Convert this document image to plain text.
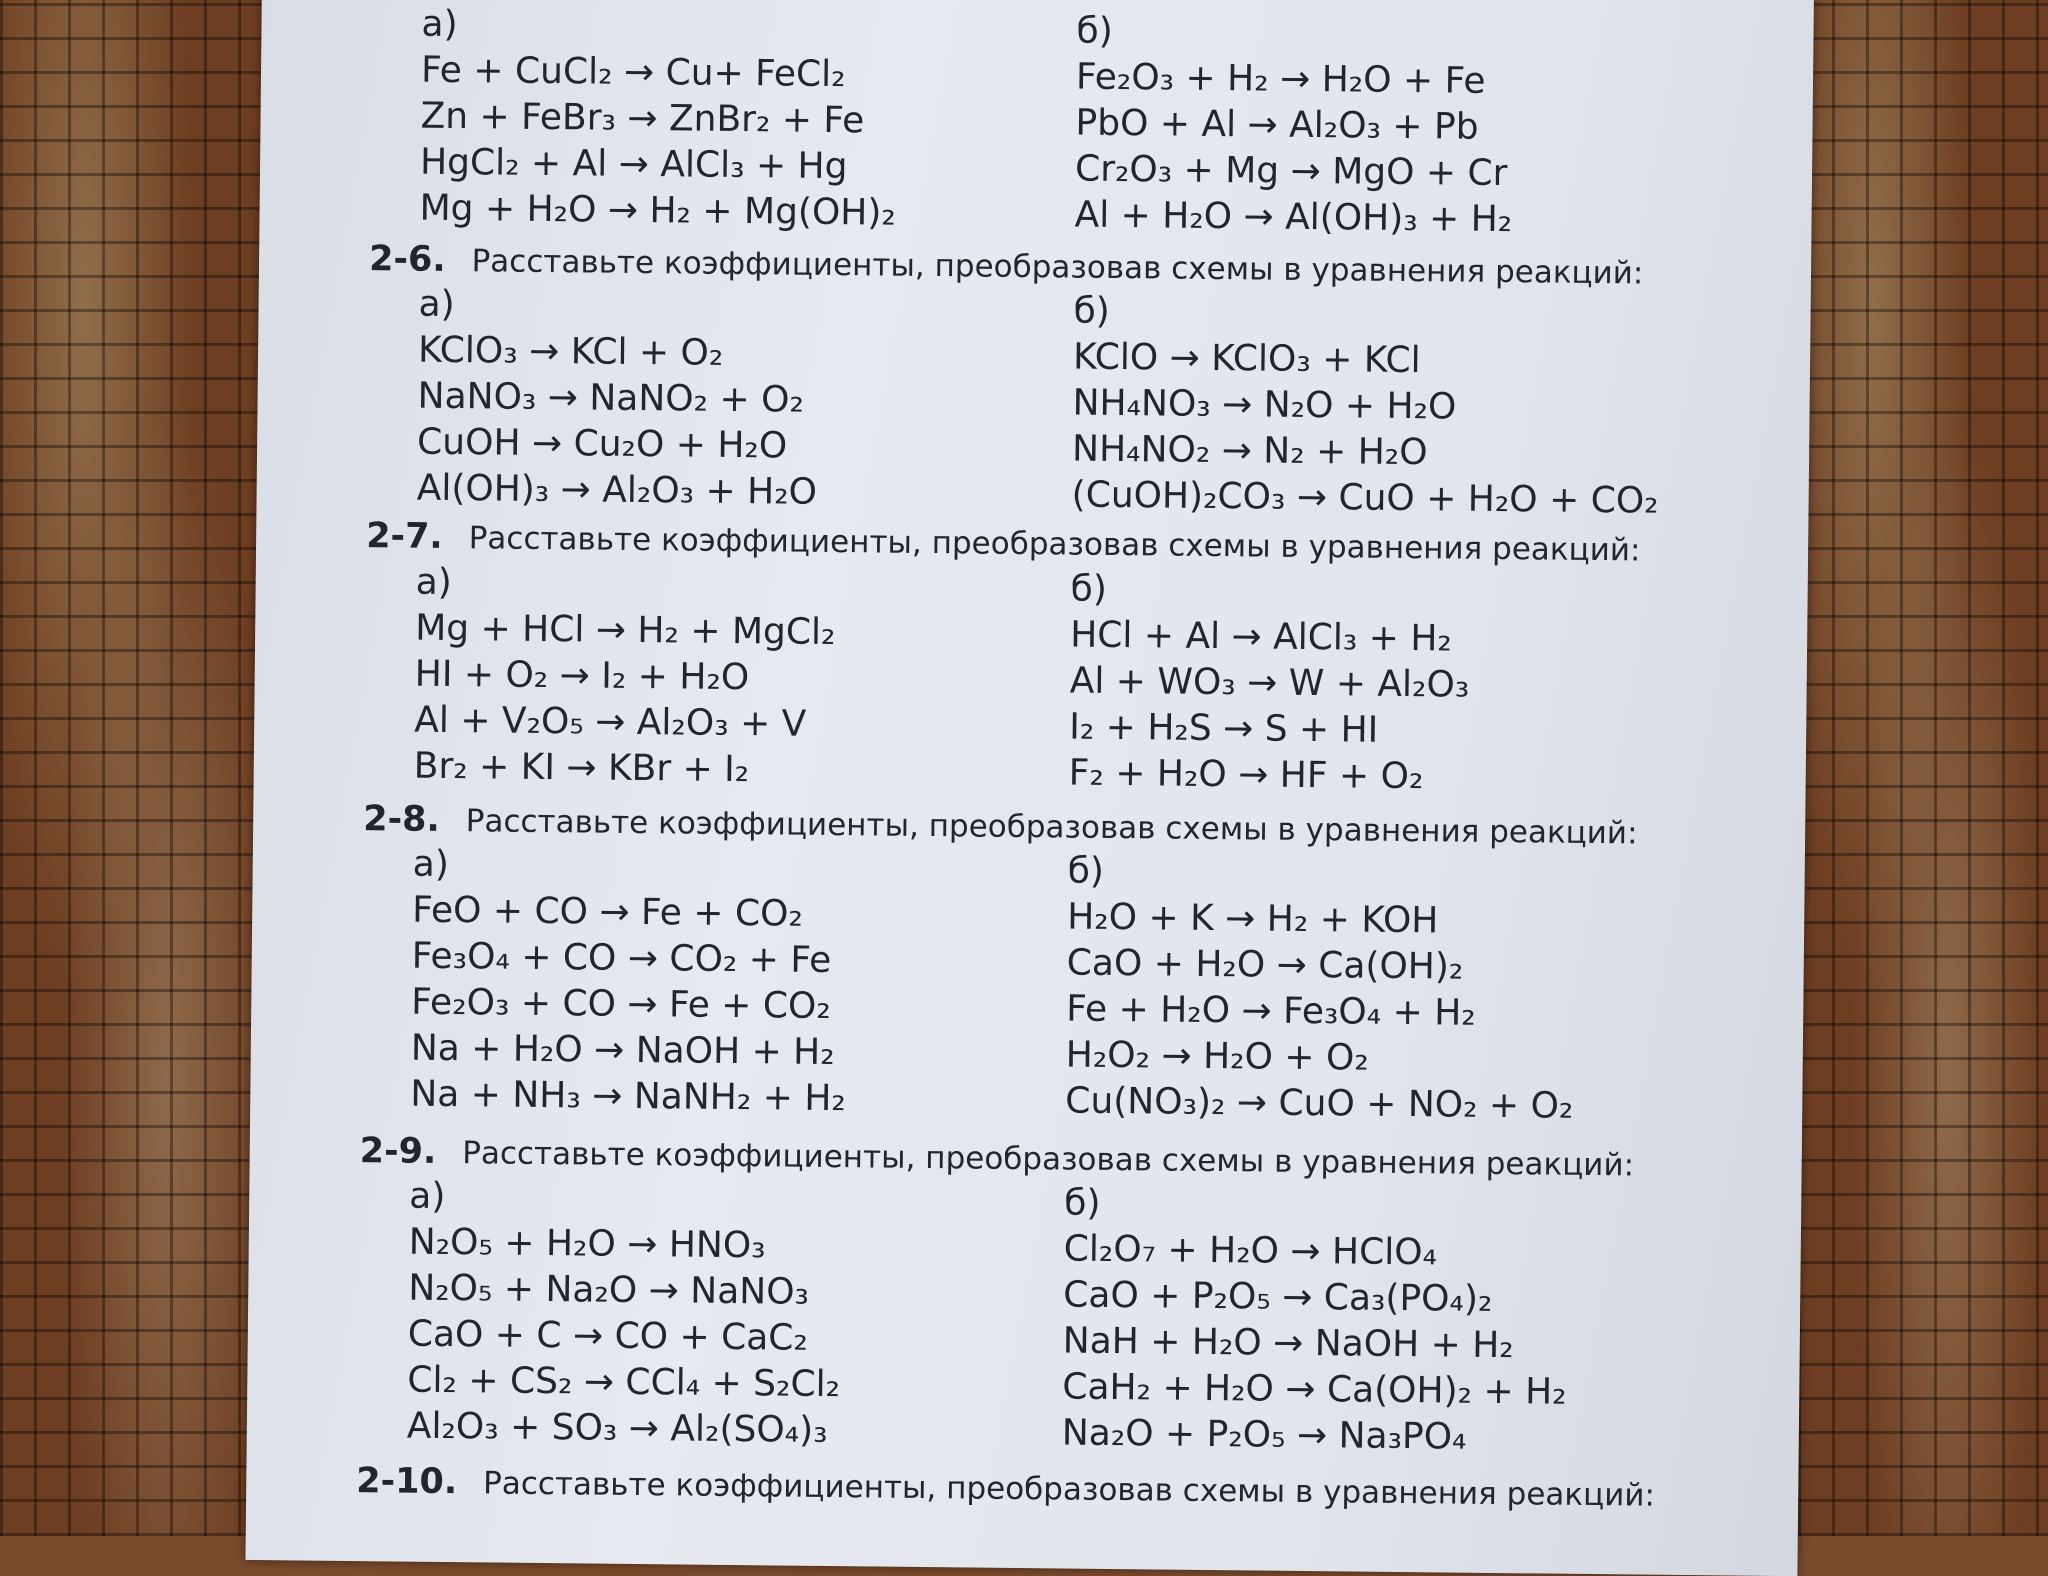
а)
Fe + CuCl₂ → Cu+ FeCl₂
Zn + FeBr₃ → ZnBr₂ + Fe
HgCl₂ + Al → AlCl₃ + Hg
Mg + H₂O → H₂ + Mg(OH)₂
б)
Fe₂O₃ + H₂ → H₂O + Fe
PbO + Al → Al₂O₃ + Pb
Cr₂O₃ + Mg → MgO + Cr
Al + H₂O → Al(OH)₃ + H₂
2-6. Расставьте коэффициенты, преобразовав схемы в уравнения реакций:
а)
KClO₃ → KCl + O₂
NaNO₃ → NaNO₂ + O₂
CuOH → Cu₂O + H₂O
Al(OH)₃ → Al₂O₃ + H₂O
б)
KClO → KClO₃ + KCl
NH₄NO₃ → N₂O + H₂O
NH₄NO₂ → N₂ + H₂O
(CuOH)₂CO₃ → CuO + H₂O + CO₂
2-7. Расставьте коэффициенты, преобразовав схемы в уравнения реакций:
а)
Mg + HCl → H₂ + MgCl₂
HI + O₂ → I₂ + H₂O
Al + V₂O₅ → Al₂O₃ + V
Br₂ + KI → KBr + I₂
б)
HCl + Al → AlCl₃ + H₂
Al + WO₃ → W + Al₂O₃
I₂ + H₂S → S + HI
F₂ + H₂O → HF + O₂
2-8. Расставьте коэффициенты, преобразовав схемы в уравнения реакций:
а)
FeO + CO → Fe + CO₂
Fe₃O₄ + CO → CO₂ + Fe
Fe₂O₃ + CO → Fe + CO₂
Na + H₂O → NaOH + H₂
Na + NH₃ → NaNH₂ + H₂
б)
H₂O + K → H₂ + KOH
CaO + H₂O → Ca(OH)₂
Fe + H₂O → Fe₃O₄ + H₂
H₂O₂ → H₂O + O₂
Cu(NO₃)₂ → CuO + NO₂ + O₂
2-9. Расставьте коэффициенты, преобразовав схемы в уравнения реакций:
а)
N₂O₅ + H₂O → HNO₃
N₂O₅ + Na₂O → NaNO₃
CaO + C → CO + CaC₂
Cl₂ + CS₂ → CCl₄ + S₂Cl₂
Al₂O₃ + SO₃ → Al₂(SO₄)₃
б)
Cl₂O₇ + H₂O → HClO₄
CaO + P₂O₅ → Ca₃(PO₄)₂
NaH + H₂O → NaOH + H₂
CaH₂ + H₂O → Ca(OH)₂ + H₂
Na₂O + P₂O₅ → Na₃PO₄
2-10. Расставьте коэффициенты, преобразовав схемы в уравнения реакций:
